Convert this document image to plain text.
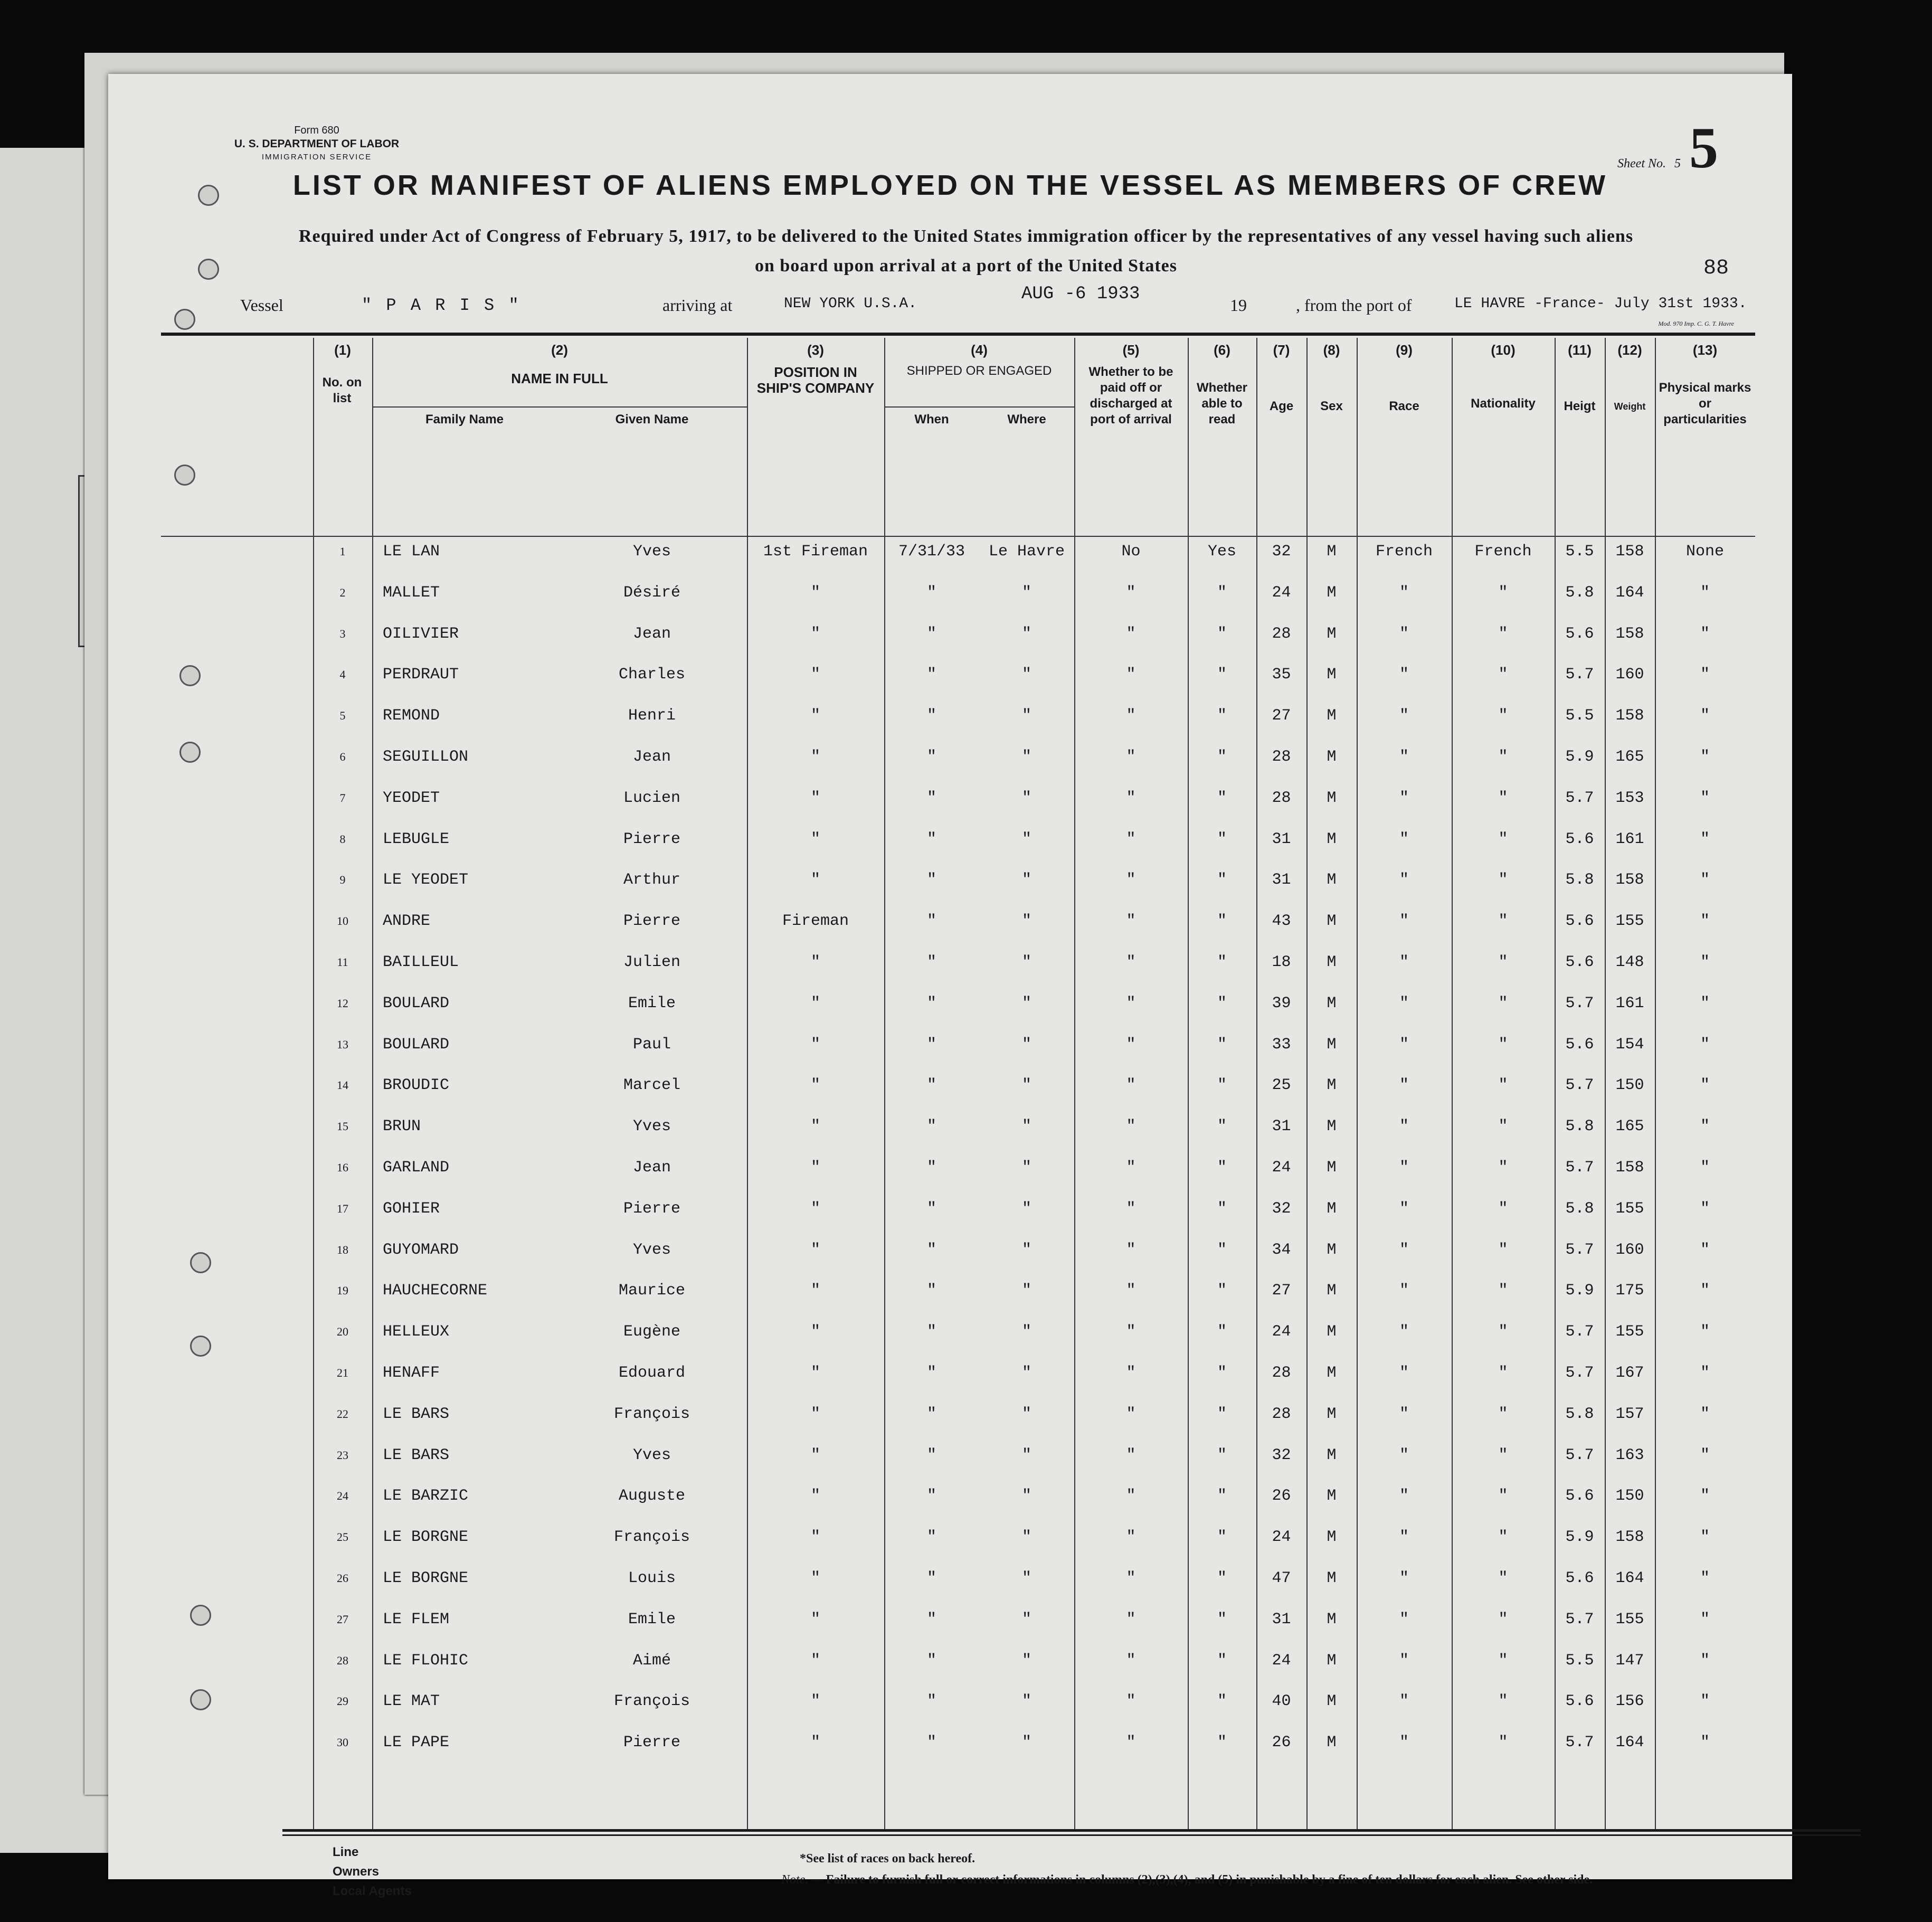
Form 680
U. S. DEPARTMENT OF LABOR
IMMIGRATION SERVICE	Sheet No. 5 5
LIST OR MANIFEST OF ALIENS EMPLOYED ON THE VESSEL AS MEMBERS OF CREW
Required under Act of Congress of February 5, 1917, to be delivered to the United States immigration officer by the representatives of any vessel having such aliens
on board upon arrival at a port of the United States	88
Vessel	" P A R I S "	arriving at	NEW YORK U.S.A.	AUG -6 1933
19	, from the port of	LE HAVRE -France- July 31st 1933.
Mod. 970 Imp. C. G. T. Havre
(1)
No. on list
(2)
NAME IN FULL
Family Name	Given Name
(3)
POSITION IN SHIP'S COMPANY
(4)
SHIPPED OR ENGAGED
When	Where
(5)
Whether to be paid off or discharged at port of arrival
(6)
Whether able to read
(7)
Age
(8)
Sex
(9)
Race
(10)
Nationality
(11)
Heigt
(12)
Weight
(13)
Physical marks or particularities
1	LE LAN	Yves	1st Fireman	7/31/33	Le Havre	No	Yes	32	M	French	French	5.5	158	None
2	MALLET	Désiré	"	"	"	"	"	24	M	"	"	5.8	164	"
3	OILIVIER	Jean	"	"	"	"	"	28	M	"	"	5.6	158	"
4	PERDRAUT	Charles	"	"	"	"	"	35	M	"	"	5.7	160	"
5	REMOND	Henri	"	"	"	"	"	27	M	"	"	5.5	158	"
6	SEGUILLON	Jean	"	"	"	"	"	28	M	"	"	5.9	165	"
7	YEODET	Lucien	"	"	"	"	"	28	M	"	"	5.7	153	"
8	LEBUGLE	Pierre	"	"	"	"	"	31	M	"	"	5.6	161	"
9	LE YEODET	Arthur	"	"	"	"	"	31	M	"	"	5.8	158	"
10	ANDRE	Pierre	Fireman	"	"	"	"	43	M	"	"	5.6	155	"
11	BAILLEUL	Julien	"	"	"	"	"	18	M	"	"	5.6	148	"
12	BOULARD	Emile	"	"	"	"	"	39	M	"	"	5.7	161	"
13	BOULARD	Paul	"	"	"	"	"	33	M	"	"	5.6	154	"
14	BROUDIC	Marcel	"	"	"	"	"	25	M	"	"	5.7	150	"
15	BRUN	Yves	"	"	"	"	"	31	M	"	"	5.8	165	"
16	GARLAND	Jean	"	"	"	"	"	24	M	"	"	5.7	158	"
17	GOHIER	Pierre	"	"	"	"	"	32	M	"	"	5.8	155	"
18	GUYOMARD	Yves	"	"	"	"	"	34	M	"	"	5.7	160	"
19	HAUCHECORNE	Maurice	"	"	"	"	"	27	M	"	"	5.9	175	"
20	HELLEUX	Eugène	"	"	"	"	"	24	M	"	"	5.7	155	"
21	HENAFF	Edouard	"	"	"	"	"	28	M	"	"	5.7	167	"
22	LE BARS	François	"	"	"	"	"	28	M	"	"	5.8	157	"
23	LE BARS	Yves	"	"	"	"	"	32	M	"	"	5.7	163	"
24	LE BARZIC	Auguste	"	"	"	"	"	26	M	"	"	5.6	150	"
25	LE BORGNE	François	"	"	"	"	"	24	M	"	"	5.9	158	"
26	LE BORGNE	Louis	"	"	"	"	"	47	M	"	"	5.6	164	"
27	LE FLEM	Emile	"	"	"	"	"	31	M	"	"	5.7	155	"
28	LE FLOHIC	Aimé	"	"	"	"	"	24	M	"	"	5.5	147	"
29	LE MAT	François	"	"	"	"	"	40	M	"	"	5.6	156	"
30	LE PAPE	Pierre	"	"	"	"	"	26	M	"	"	5.7	164	"
Line
Owners
Local Agents
*See list of races on back hereof.
Note. — Failure to furnish full or correct informations in columns (2),(3),(4), and (5) in punishable by a fine of ten dollars for each alien. See other side.
